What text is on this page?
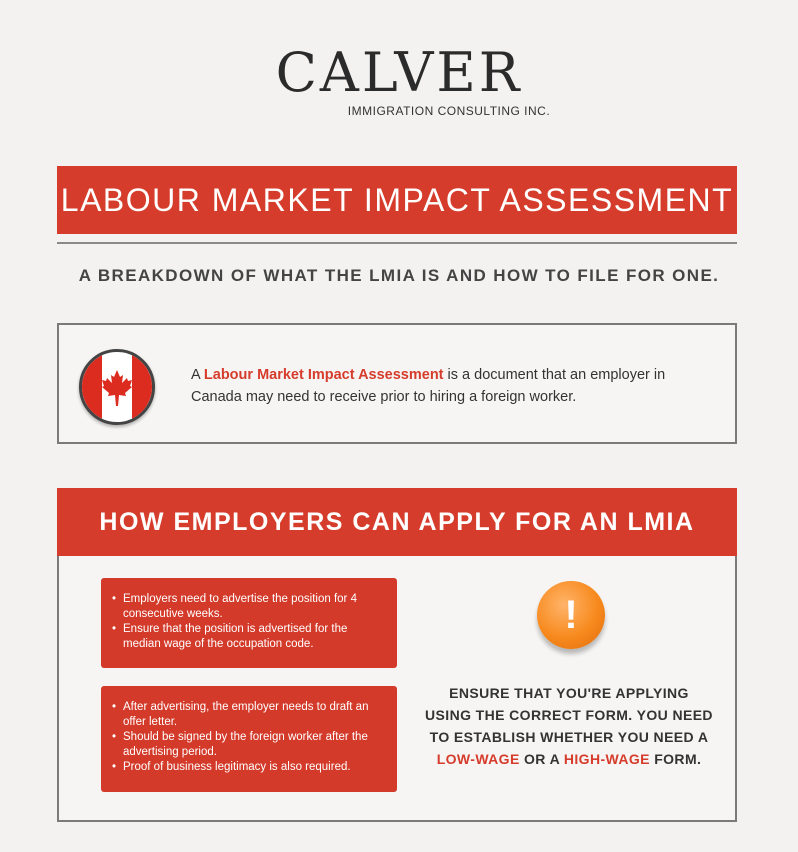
CALVER
IMMIGRATION CONSULTING INC.
LABOUR MARKET IMPACT ASSESSMENT
A BREAKDOWN OF WHAT THE LMIA IS AND HOW TO FILE FOR ONE.
A Labour Market Impact Assessment is a document that an employer in Canada may need to receive prior to hiring a foreign worker.
HOW EMPLOYERS CAN APPLY FOR AN LMIA
• Employers need to advertise the position for 4 consecutive weeks.
• Ensure that the position is advertised for the median wage of the occupation code.
• After advertising, the employer needs to draft an offer letter.
• Should be signed by the foreign worker after the advertising period.
• Proof of business legitimacy is also required.
!
ENSURE THAT YOU'RE APPLYING USING THE CORRECT FORM. YOU NEED TO ESTABLISH WHETHER YOU NEED A LOW-WAGE OR A HIGH-WAGE FORM.
